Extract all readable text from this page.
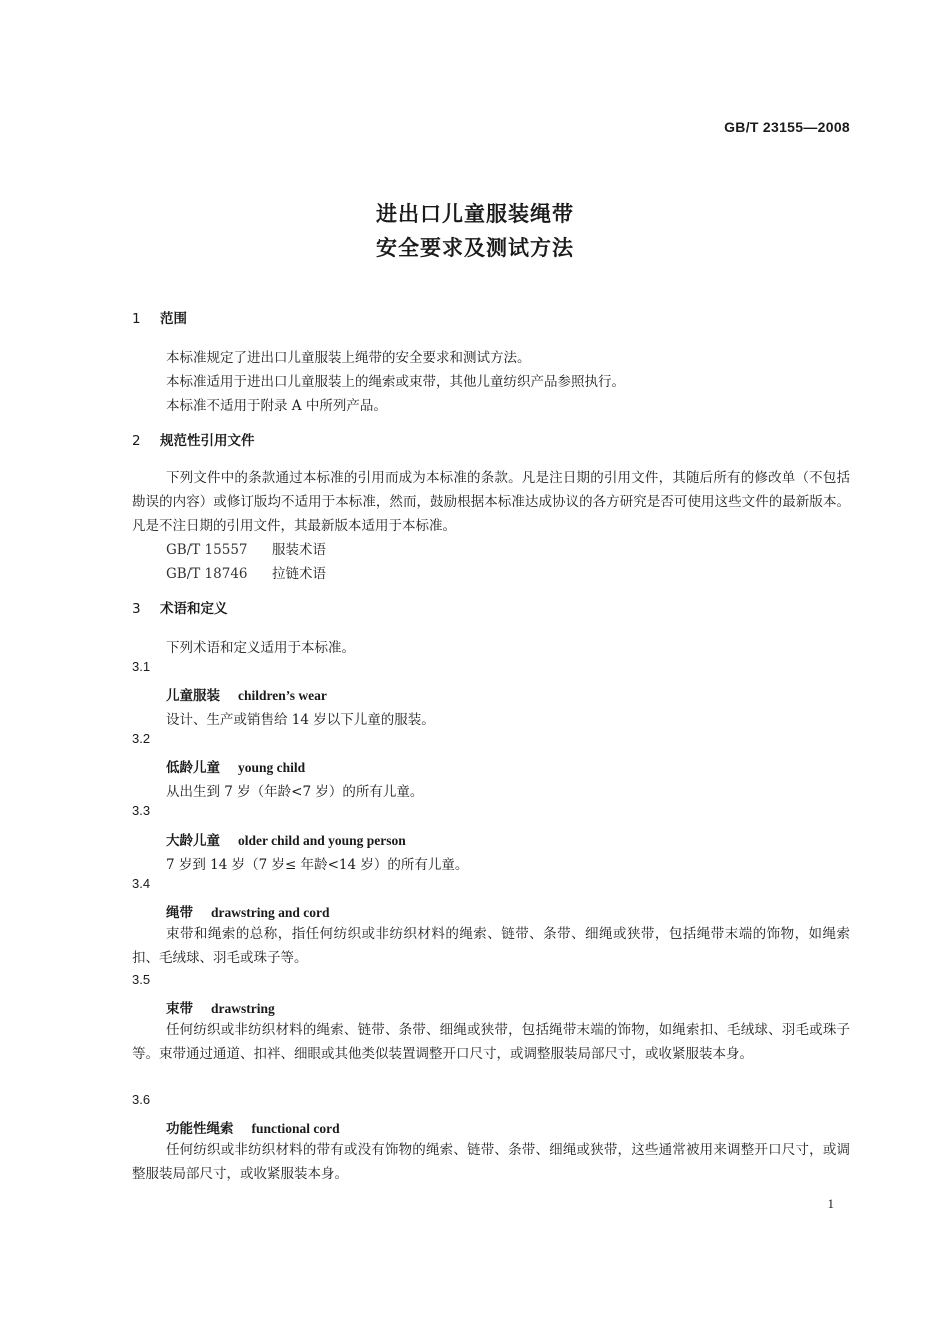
GB/T 23155—2008
进出口儿童服装绳带
安全要求及测试方法
1 范围
本标准规定了进出口儿童服装上绳带的安全要求和测试方法。
本标准适用于进出口儿童服装上的绳索或束带，其他儿童纺织产品参照执行。
本标准不适用于附录 A 中所列产品。
2 规范性引用文件

下列文件中的条款通过本标准的引用而成为本标准的条款。凡是注日期的引用文件，其随后所有的修改单（不包括勘误的内容）或修订版均不适用于本标准，然而，鼓励根据本标准达成协议的各方研究是否可使用这些文件的最新版本。凡是不注日期的引用文件，其最新版本适用于本标准。

GB/T 15557 服装术语
GB/T 18746 拉链术语
3 术语和定义
下列术语和定义适用于本标准。
3.1
儿童服装 children’s wear
设计、生产或销售给 14 岁以下儿童的服装。
3.2
低龄儿童 young child
从出生到 7 岁（年龄<7 岁）的所有儿童。
3.3
大龄儿童 older child and young person
7 岁到 14 岁（7 岁≤ 年龄<14 岁）的所有儿童。
3.4
绳带 drawstring and cord

束带和绳索的总称，指任何纺织或非纺织材料的绳索、链带、条带、细绳或狭带，包括绳带末端的饰物，如绳索扣、毛绒球、羽毛或珠子等。

3.5
束带 drawstring

任何纺织或非纺织材料的绳索、链带、条带、细绳或狭带，包括绳带末端的饰物，如绳索扣、毛绒球、羽毛或珠子等。束带通过通道、扣袢、细眼或其他类似装置调整开口尺寸，或调整服装局部尺寸，或收紧服装本身。

3.6
功能性绳索 functional cord

任何纺织或非纺织材料的带有或没有饰物的绳索、链带、条带、细绳或狭带，这些通常被用来调整开口尺寸，或调整服装局部尺寸，或收紧服装本身。

1
